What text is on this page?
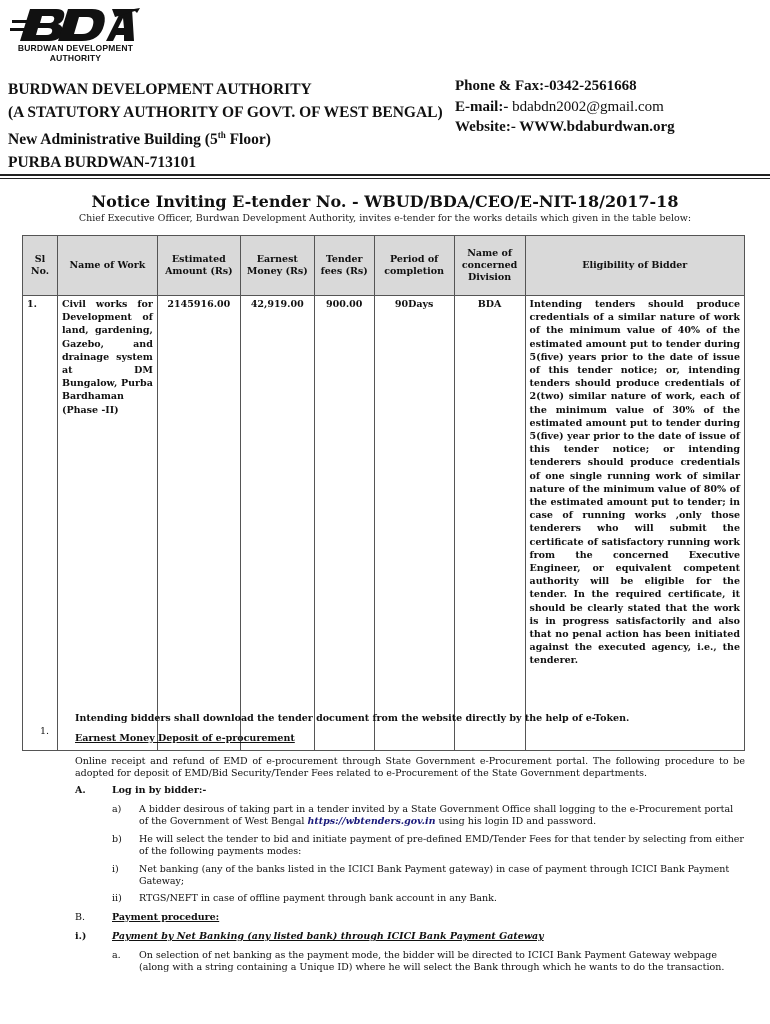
BURDWAN DEVELOPMENT
AUTHORITY
BURDWAN DEVELOPMENT AUTHORITY
(A STATUTORY AUTHORITY OF GOVT. OF WEST BENGAL)
New Administrative Building (5th Floor)
PURBA BURDWAN-713101
Phone & Fax:-0342-2561668
E-mail:- bdabdn2002@gmail.com
Website:- WWW.bdaburdwan.org
Notice Inviting E-tender No. - WBUD/BDA/CEO/E-NIT-18/2017-18
Chief Executive Officer, Burdwan Development Authority, invites e-tender for the works details which given in the table below:
Sl No.	Name of Work	Estimated Amount (Rs)	Earnest Money (Rs)	Tender fees (Rs)	Period of completion	Name of concerned Division	Eligibility of Bidder
1.	Civil works for Development of land, gardening, Gazebo, and drainage system at DM Bungalow, Purba Bardhaman (Phase -II)	2145916.00	42,919.00	900.00	90Days	BDA	Intending tenders should produce credentials of a similar nature of work of the minimum value of 40% of the estimated amount put to tender during 5(five) years prior to the date of issue of this tender notice; or, intending tenders should produce credentials of 2(two) similar nature of work, each of the minimum value of 30% of the estimated amount put to tender during 5(five) year prior to the date of issue of this tender notice; or intending tenderers should produce credentials of one single running work of similar nature of the minimum value of 80% of the estimated amount put to tender; in case of running works ,only those tenderers who will submit the certificate of satisfactory running work from the concerned Executive Engineer, or equivalent competent authority will be eligible for the tender. In the required certificate, it should be clearly stated that the work is in progress satisfactorily and also that no penal action has been initiated against the executed agency, i.e., the tenderer.
Intending bidders shall download the tender document from the website directly by the help of e-Token.
1.
Earnest Money Deposit of e-procurement
Online receipt and refund of EMD of e-procurement through State Government e-Procurement portal. The following procedure to be adopted for deposit of EMD/Bid Security/Tender Fees related to e-Procurement of the State Government departments.
A.	Log in by bidder:-
a) A bidder desirous of taking part in a tender invited by a State Government Office shall logging to the e-Procurement portal of the Government of West Bengal https://wbtenders.gov.in using his login ID and password.
b) He will select the tender to bid and initiate payment of pre-defined EMD/Tender Fees for that tender by selecting from either of the following payments modes:
i) Net banking (any of the banks listed in the ICICI Bank Payment gateway) in case of payment through ICICI Bank Payment Gateway;
ii) RTGS/NEFT in case of offline payment through bank account in any Bank.
B.	Payment procedure:
i.)	Payment by Net Banking (any listed bank) through ICICI Bank Payment Gateway
a. On selection of net banking as the payment mode, the bidder will be directed to ICICI Bank Payment Gateway webpage (along with a string containing a Unique ID) where he will select the Bank through which he wants to do the transaction.
